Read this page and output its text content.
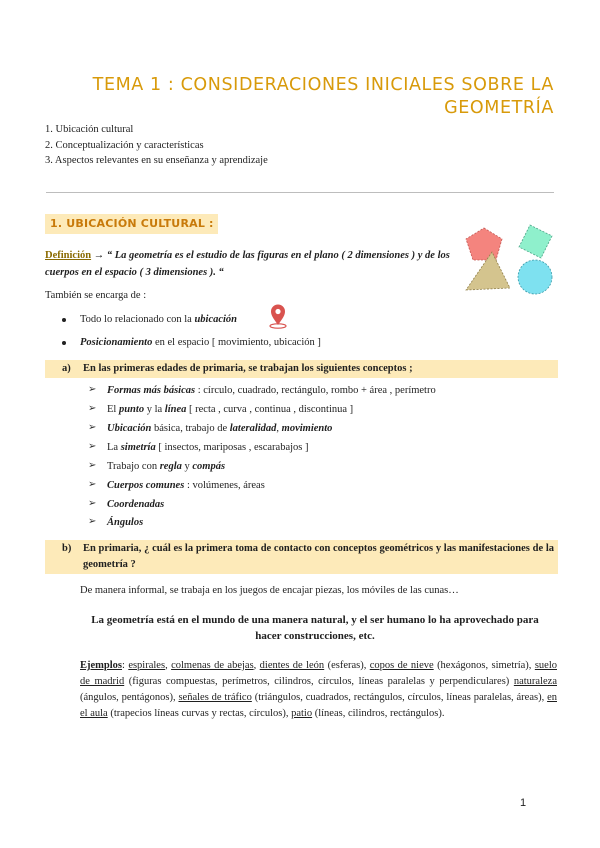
TEMA 1 : CONSIDERACIONES INICIALES SOBRE LA GEOMETRÍA
1. Ubicación cultural
2. Conceptualización y características
3. Aspectos relevantes en su enseñanza y aprendizaje
1. UBICACIÓN CULTURAL :
Definición → “ La geometría es el estudio de las figuras en el plano ( 2 dimensiones ) y de los cuerpos en el espacio ( 3 dimensiones ). “
También se encarga de :
Todo lo relacionado con la ubicación
Posicionamiento en el espacio [ movimiento, ubicación ]
a) En las primeras edades de primaria, se trabajan los siguientes conceptos ;
➢ Formas más básicas : círculo, cuadrado, rectángulo, rombo + área , perímetro
➢ El punto y la línea [ recta , curva , continua , discontinua ]
➢ Ubicación básica, trabajo de lateralidad, movimiento
➢ La simetría [ insectos, mariposas , escarabajos ]
➢ Trabajo con regla y compás
➢ Cuerpos comunes : volúmenes, áreas
➢ Coordenadas
➢ Ángulos
b) En primaria, ¿ cuál es la primera toma de contacto con conceptos geométricos y las manifestaciones de la geometría ?
De manera informal, se trabaja en los juegos de encajar piezas, los móviles de las cunas…
La geometría está en el mundo de una manera natural, y el ser humano lo ha aprovechado para hacer construcciones, etc.
Ejemplos: espirales, colmenas de abejas, dientes de león (esferas), copos de nieve (hexágonos, simetría), suelo de madrid (figuras compuestas, perímetros, cilindros, círculos, líneas paralelas y perpendiculares) naturaleza (ángulos, pentágonos), señales de tráfico (triángulos, cuadrados, rectángulos, círculos, líneas paralelas, áreas), en el aula (trapecios líneas curvas y rectas, círculos), patio (líneas, cilindros, rectángulos).
1
